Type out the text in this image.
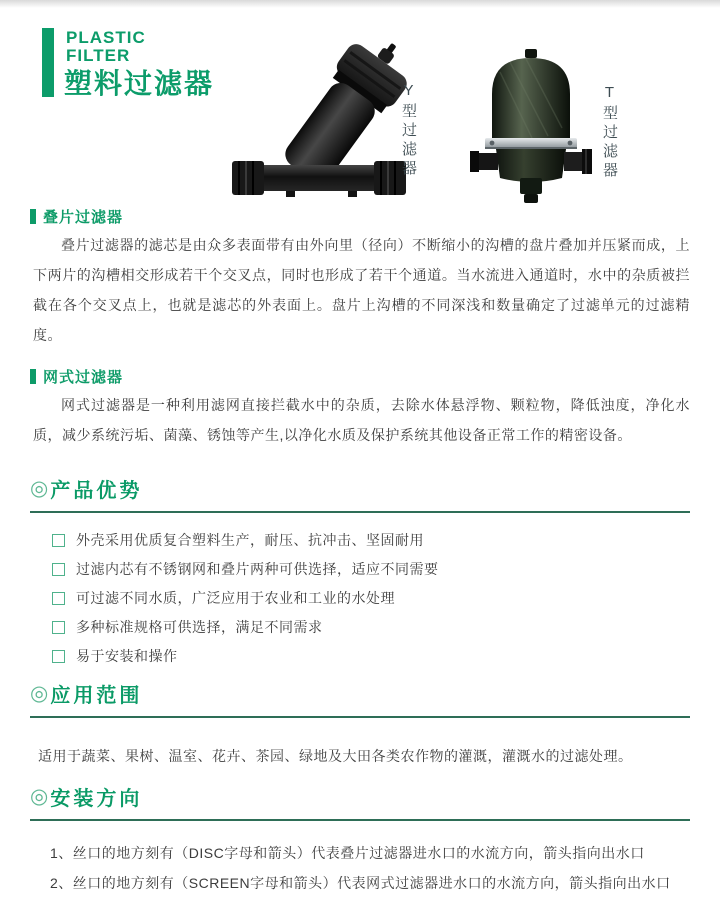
PLASTIC
FILTER
塑料过滤器	Y型过滤器	T型过滤器
叠片过滤器

叠片过滤器的滤芯是由众多表面带有由外向里（径向）不断缩小的沟槽的盘片叠加并压紧而成，上下两片的沟槽相交形成若干个交叉点，同时也形成了若干个通道。当水流进入通道时，水中的杂质被拦截在各个交叉点上，也就是滤芯的外表面上。盘片上沟槽的不同深浅和数量确定了过滤单元的过滤精度。

网式过滤器

网式过滤器是一种利用滤网直接拦截水中的杂质，去除水体悬浮物、颗粒物，降低浊度，净化水质，减少系统污垢、菌藻、锈蚀等产生,以净化水质及保护系统其他设备正常工作的精密设备。

◎ 产品优势
外壳采用优质复合塑料生产，耐压、抗冲击、坚固耐用
过滤内芯有不锈钢网和叠片两种可供选择，适应不同需要
可过滤不同水质，广泛应用于农业和工业的水处理
多种标准规格可供选择，满足不同需求
易于安装和操作
◎ 应用范围

适用于蔬菜、果树、温室、花卉、茶园、绿地及大田各类农作物的灌溉，灌溉水的过滤处理。

◎ 安装方向
1、丝口的地方刻有（DISC字母和箭头）代表叠片过滤器进水口的水流方向，箭头指向出水口
2、丝口的地方刻有（SCREEN字母和箭头）代表网式过滤器进水口的水流方向，箭头指向出水口
